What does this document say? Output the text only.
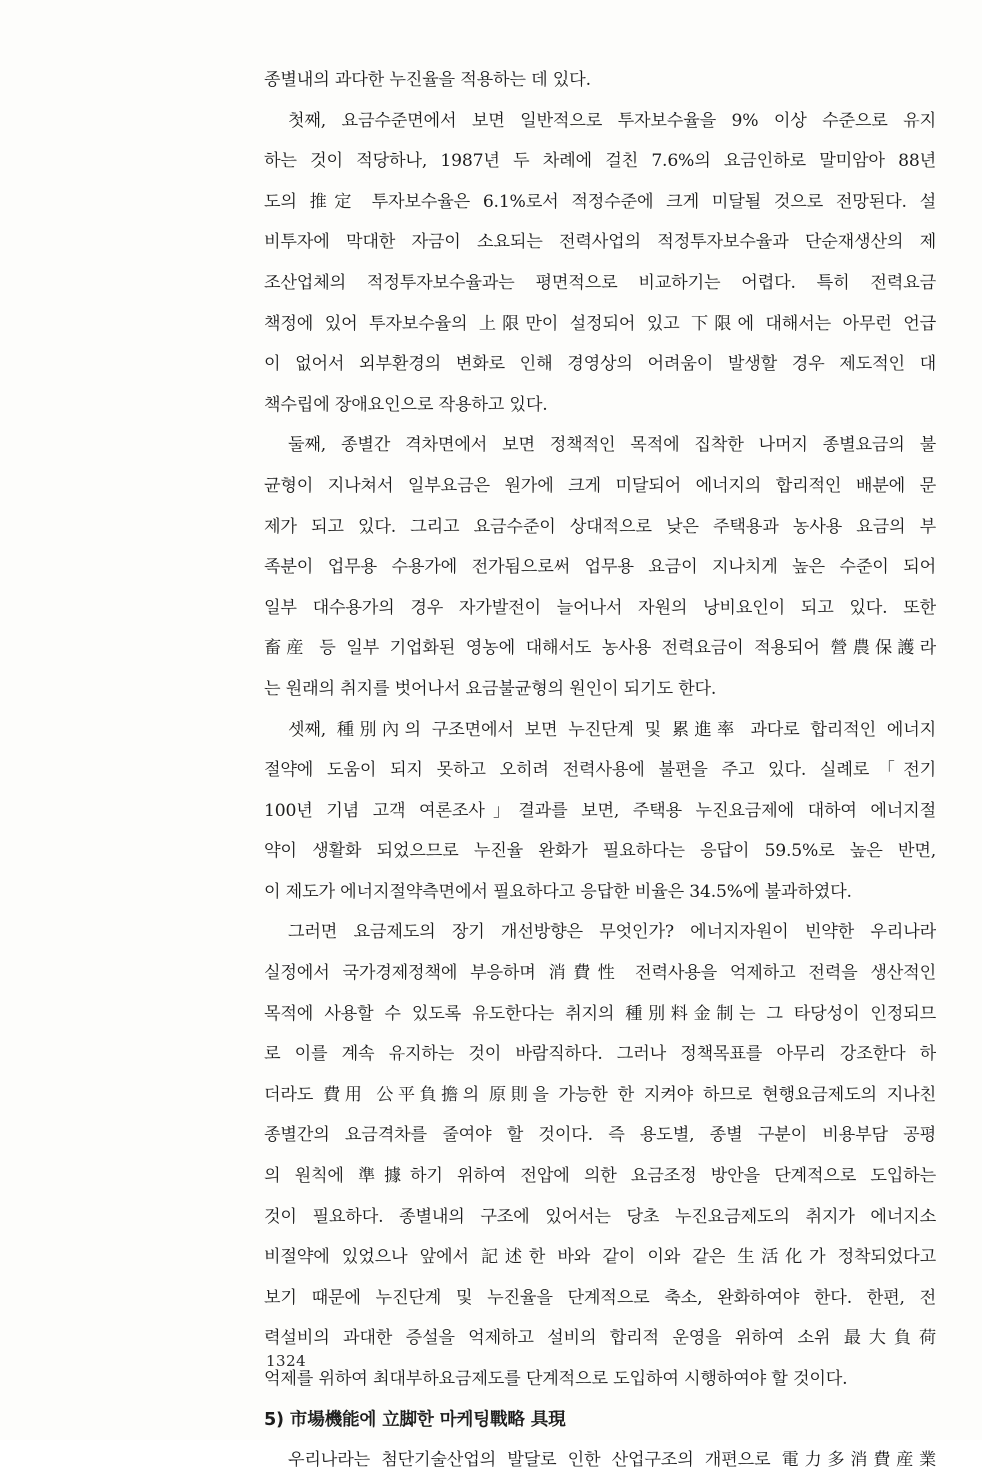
종별내의 과다한 누진율을 적용하는 데 있다.
첫째, 요금수준면에서 보면 일반적으로 투자보수율을 9% 이상 수준으로 유지
하는 것이 적당하나, 1987년 두 차례에 걸친 7.6%의 요금인하로 말미암아 88년
도의 推定 투자보수율은 6.1%로서 적정수준에 크게 미달될 것으로 전망된다. 설
비투자에 막대한 자금이 소요되는 전력사업의 적정투자보수율과 단순재생산의 제
조산업체의 적정투자보수율과는 평면적으로 비교하기는 어렵다. 특히 전력요금
책정에 있어 투자보수율의 上限만이 설정되어 있고 下限에 대해서는 아무런 언급
이 없어서 외부환경의 변화로 인해 경영상의 어려움이 발생할 경우 제도적인 대
책수립에 장애요인으로 작용하고 있다.
둘째, 종별간 격차면에서 보면 정책적인 목적에 집착한 나머지 종별요금의 불
균형이 지나쳐서 일부요금은 원가에 크게 미달되어 에너지의 합리적인 배분에 문
제가 되고 있다. 그리고 요금수준이 상대적으로 낮은 주택용과 농사용 요금의 부
족분이 업무용 수용가에 전가됨으로써 업무용 요금이 지나치게 높은 수준이 되어
일부 대수용가의 경우 자가발전이 늘어나서 자원의 낭비요인이 되고 있다. 또한
畜産 등 일부 기업화된 영농에 대해서도 농사용 전력요금이 적용되어 營農保護라
는 원래의 취지를 벗어나서 요금불균형의 원인이 되기도 한다.
셋째, 種別內의 구조면에서 보면 누진단계 및 累進率 과다로 합리적인 에너지
절약에 도움이 되지 못하고 오히려 전력사용에 불편을 주고 있다. 실례로「전기
100년 기념 고객 여론조사」결과를 보면, 주택용 누진요금제에 대하여 에너지절
약이 생활화 되었으므로 누진율 완화가 필요하다는 응답이 59.5%로 높은 반면,
이 제도가 에너지절약측면에서 필요하다고 응답한 비율은 34.5%에 불과하였다.
그러면 요금제도의 장기 개선방향은 무엇인가? 에너지자원이 빈약한 우리나라
실정에서 국가경제정책에 부응하며 消費性 전력사용을 억제하고 전력을 생산적인
목적에 사용할 수 있도록 유도한다는 취지의 種別料金制는 그 타당성이 인정되므
로 이를 계속 유지하는 것이 바람직하다. 그러나 정책목표를 아무리 강조한다 하
더라도 費用 公平負擔의 原則을 가능한 한 지켜야 하므로 현행요금제도의 지나친
종별간의 요금격차를 줄여야 할 것이다. 즉 용도별, 종별 구분이 비용부담 공평
의 원칙에 準據하기 위하여 전압에 의한 요금조정 방안을 단계적으로 도입하는
것이 필요하다. 종별내의 구조에 있어서는 당초 누진요금제도의 취지가 에너지소
비절약에 있었으나 앞에서 記述한 바와 같이 이와 같은 生活化가 정착되었다고
보기 때문에 누진단계 및 누진율을 단계적으로 축소, 완화하여야 한다. 한편, 전
력설비의 과대한 증설을 억제하고 설비의 합리적 운영을 위하여 소위 最大負荷
억제를 위하여 최대부하요금제도를 단계적으로 도입하여 시행하여야 할 것이다.
5) 市場機能에 立脚한 마케팅戰略 具現
우리나라는 첨단기술산업의 발달로 인한 산업구조의 개편으로 電力多消費産業
1324
